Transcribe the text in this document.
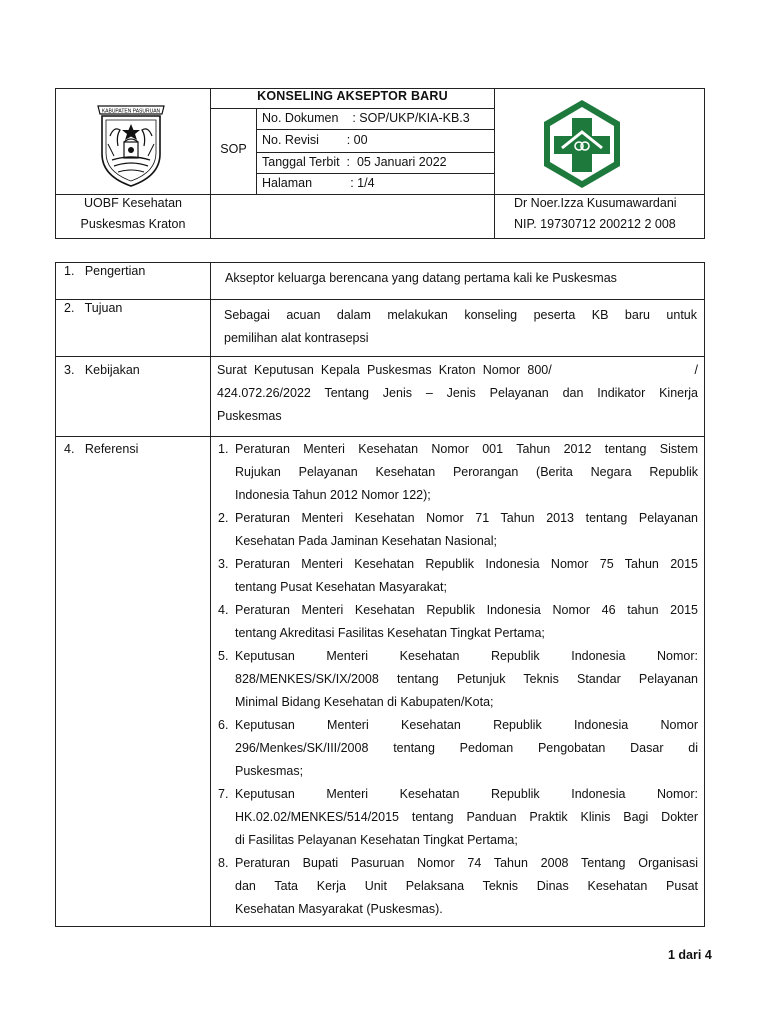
KABUPATEN PASURUAN
KONSELING AKSEPTOR BARU
SOP
No. Dokumen    : SOP/UKP/KIA-KB.3
No. Revisi        : 00
Tanggal Terbit  :  05 Januari 2022
Halaman           : 1/4
UOBF Kesehatan
Puskesmas Kraton
Dr Noer.Izza Kusumawardani
NIP. 19730712 200212 2 008
1.   Pengertian	Akseptor keluarga berencana yang datang pertama kali ke Puskesmas
2.   Tujuan	Sebagai acuan dalam melakukan konseling peserta KB baru untuk
pemilihan alat kontrasepsi
3.   Kebijakan	Surat Keputusan Kepala Puskesmas Kraton Nomor 800/                    /
424.072.26/2022 Tentang Jenis – Jenis Pelayanan dan Indikator Kinerja
Puskesmas
4.   Referensi	1. Peraturan Menteri Kesehatan Nomor 001 Tahun 2012 tentang Sistem
Rujukan Pelayanan Kesehatan Perorangan (Berita Negara Republik
Indonesia Tahun 2012 Nomor 122);
2. Peraturan Menteri Kesehatan Nomor 71 Tahun 2013 tentang Pelayanan
Kesehatan Pada Jaminan Kesehatan Nasional;
3. Peraturan Menteri Kesehatan Republik Indonesia Nomor 75 Tahun 2015
tentang Pusat Kesehatan Masyarakat;
4. Peraturan Menteri Kesehatan Republik Indonesia Nomor 46 tahun 2015
tentang Akreditasi Fasilitas Kesehatan Tingkat Pertama;
5. Keputusan Menteri Kesehatan Republik Indonesia Nomor:
828/MENKES/SK/IX/2008 tentang Petunjuk Teknis Standar Pelayanan
Minimal Bidang Kesehatan di Kabupaten/Kota;
6. Keputusan Menteri Kesehatan Republik Indonesia Nomor
296/Menkes/SK/III/2008 tentang Pedoman Pengobatan Dasar di
Puskesmas;
7. Keputusan Menteri Kesehatan Republik Indonesia Nomor:
HK.02.02/MENKES/514/2015 tentang Panduan Praktik Klinis Bagi Dokter
di Fasilitas Pelayanan Kesehatan Tingkat Pertama;
8. Peraturan Bupati Pasuruan Nomor 74 Tahun 2008 Tentang Organisasi
dan Tata Kerja Unit Pelaksana Teknis Dinas Kesehatan Pusat
Kesehatan Masyarakat (Puskesmas).
1 dari 4
